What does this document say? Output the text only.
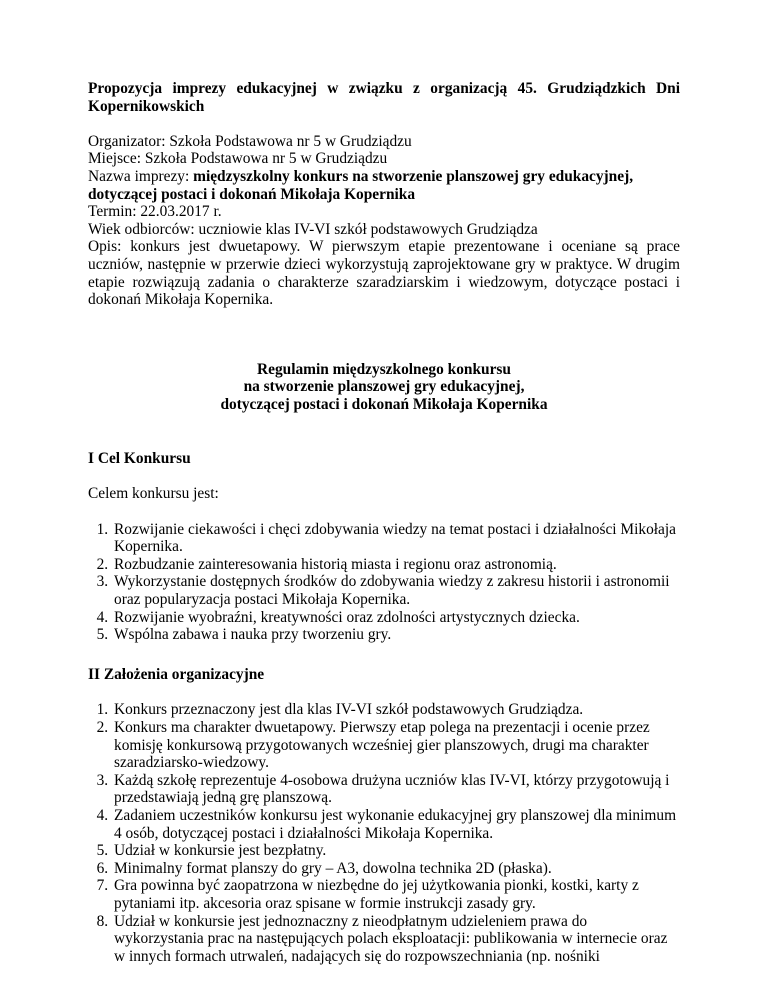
Propozycja imprezy edukacyjnej w związku z organizacją 45. Grudziądzkich Dni Kopernikowskich

Organizator: Szkoła Podstawowa nr 5 w Grudziądzu

Miejsce: Szkoła Podstawowa nr 5 w Grudziądzu

Nazwa imprezy: międzyszkolny konkurs na stworzenie planszowej gry edukacyjnej, dotyczącej postaci i dokonań Mikołaja Kopernika

Termin: 22.03.2017 r.

Wiek odbiorców: uczniowie klas IV-VI szkół podstawowych Grudziądza

Opis: konkurs jest dwuetapowy. W pierwszym etapie prezentowane i oceniane są prace uczniów, następnie w przerwie dzieci wykorzystują zaprojektowane gry w praktyce. W drugim etapie rozwiązują zadania o charakterze szaradziarskim i wiedzowym, dotyczące postaci i dokonań Mikołaja Kopernika.

Regulamin międzyszkolnego konkursu
na stworzenie planszowej gry edukacyjnej,
dotyczącej postaci i dokonań Mikołaja Kopernika

I Cel Konkursu

Celem konkursu jest:

1. Rozwijanie ciekawości i chęci zdobywania wiedzy na temat postaci i działalności Mikołaja Kopernika.
2. Rozbudzanie zainteresowania historią miasta i regionu oraz astronomią.
3. Wykorzystanie dostępnych środków do zdobywania wiedzy z zakresu historii i astronomii oraz popularyzacja postaci Mikołaja Kopernika.
4. Rozwijanie wyobraźni, kreatywności oraz zdolności artystycznych dziecka.
5. Wspólna zabawa i nauka przy tworzeniu gry.

II Założenia organizacyjne

1. Konkurs przeznaczony jest dla klas IV-VI szkół podstawowych Grudziądza.
2. Konkurs ma charakter dwuetapowy. Pierwszy etap polega na prezentacji i ocenie przez komisję konkursową przygotowanych wcześniej gier planszowych, drugi ma charakter szaradziarsko-wiedzowy.
3. Każdą szkołę reprezentuje 4-osobowa drużyna uczniów klas IV-VI, którzy przygotowują i przedstawiają jedną grę planszową.
4. Zadaniem uczestników konkursu jest wykonanie edukacyjnej gry planszowej dla minimum 4 osób, dotyczącej postaci i działalności Mikołaja Kopernika.
5. Udział w konkursie jest bezpłatny.
6. Minimalny format planszy do gry – A3, dowolna technika 2D (płaska).
7. Gra powinna być zaopatrzona w niezbędne do jej użytkowania pionki, kostki, karty z pytaniami itp. akcesoria oraz spisane w formie instrukcji zasady gry.
8. Udział w konkursie jest jednoznaczny z nieodpłatnym udzieleniem prawa do wykorzystania prac na następujących polach eksploatacji: publikowania w internecie oraz w innych formach utrwaleń, nadających się do rozpowszechniania (np. nośniki
